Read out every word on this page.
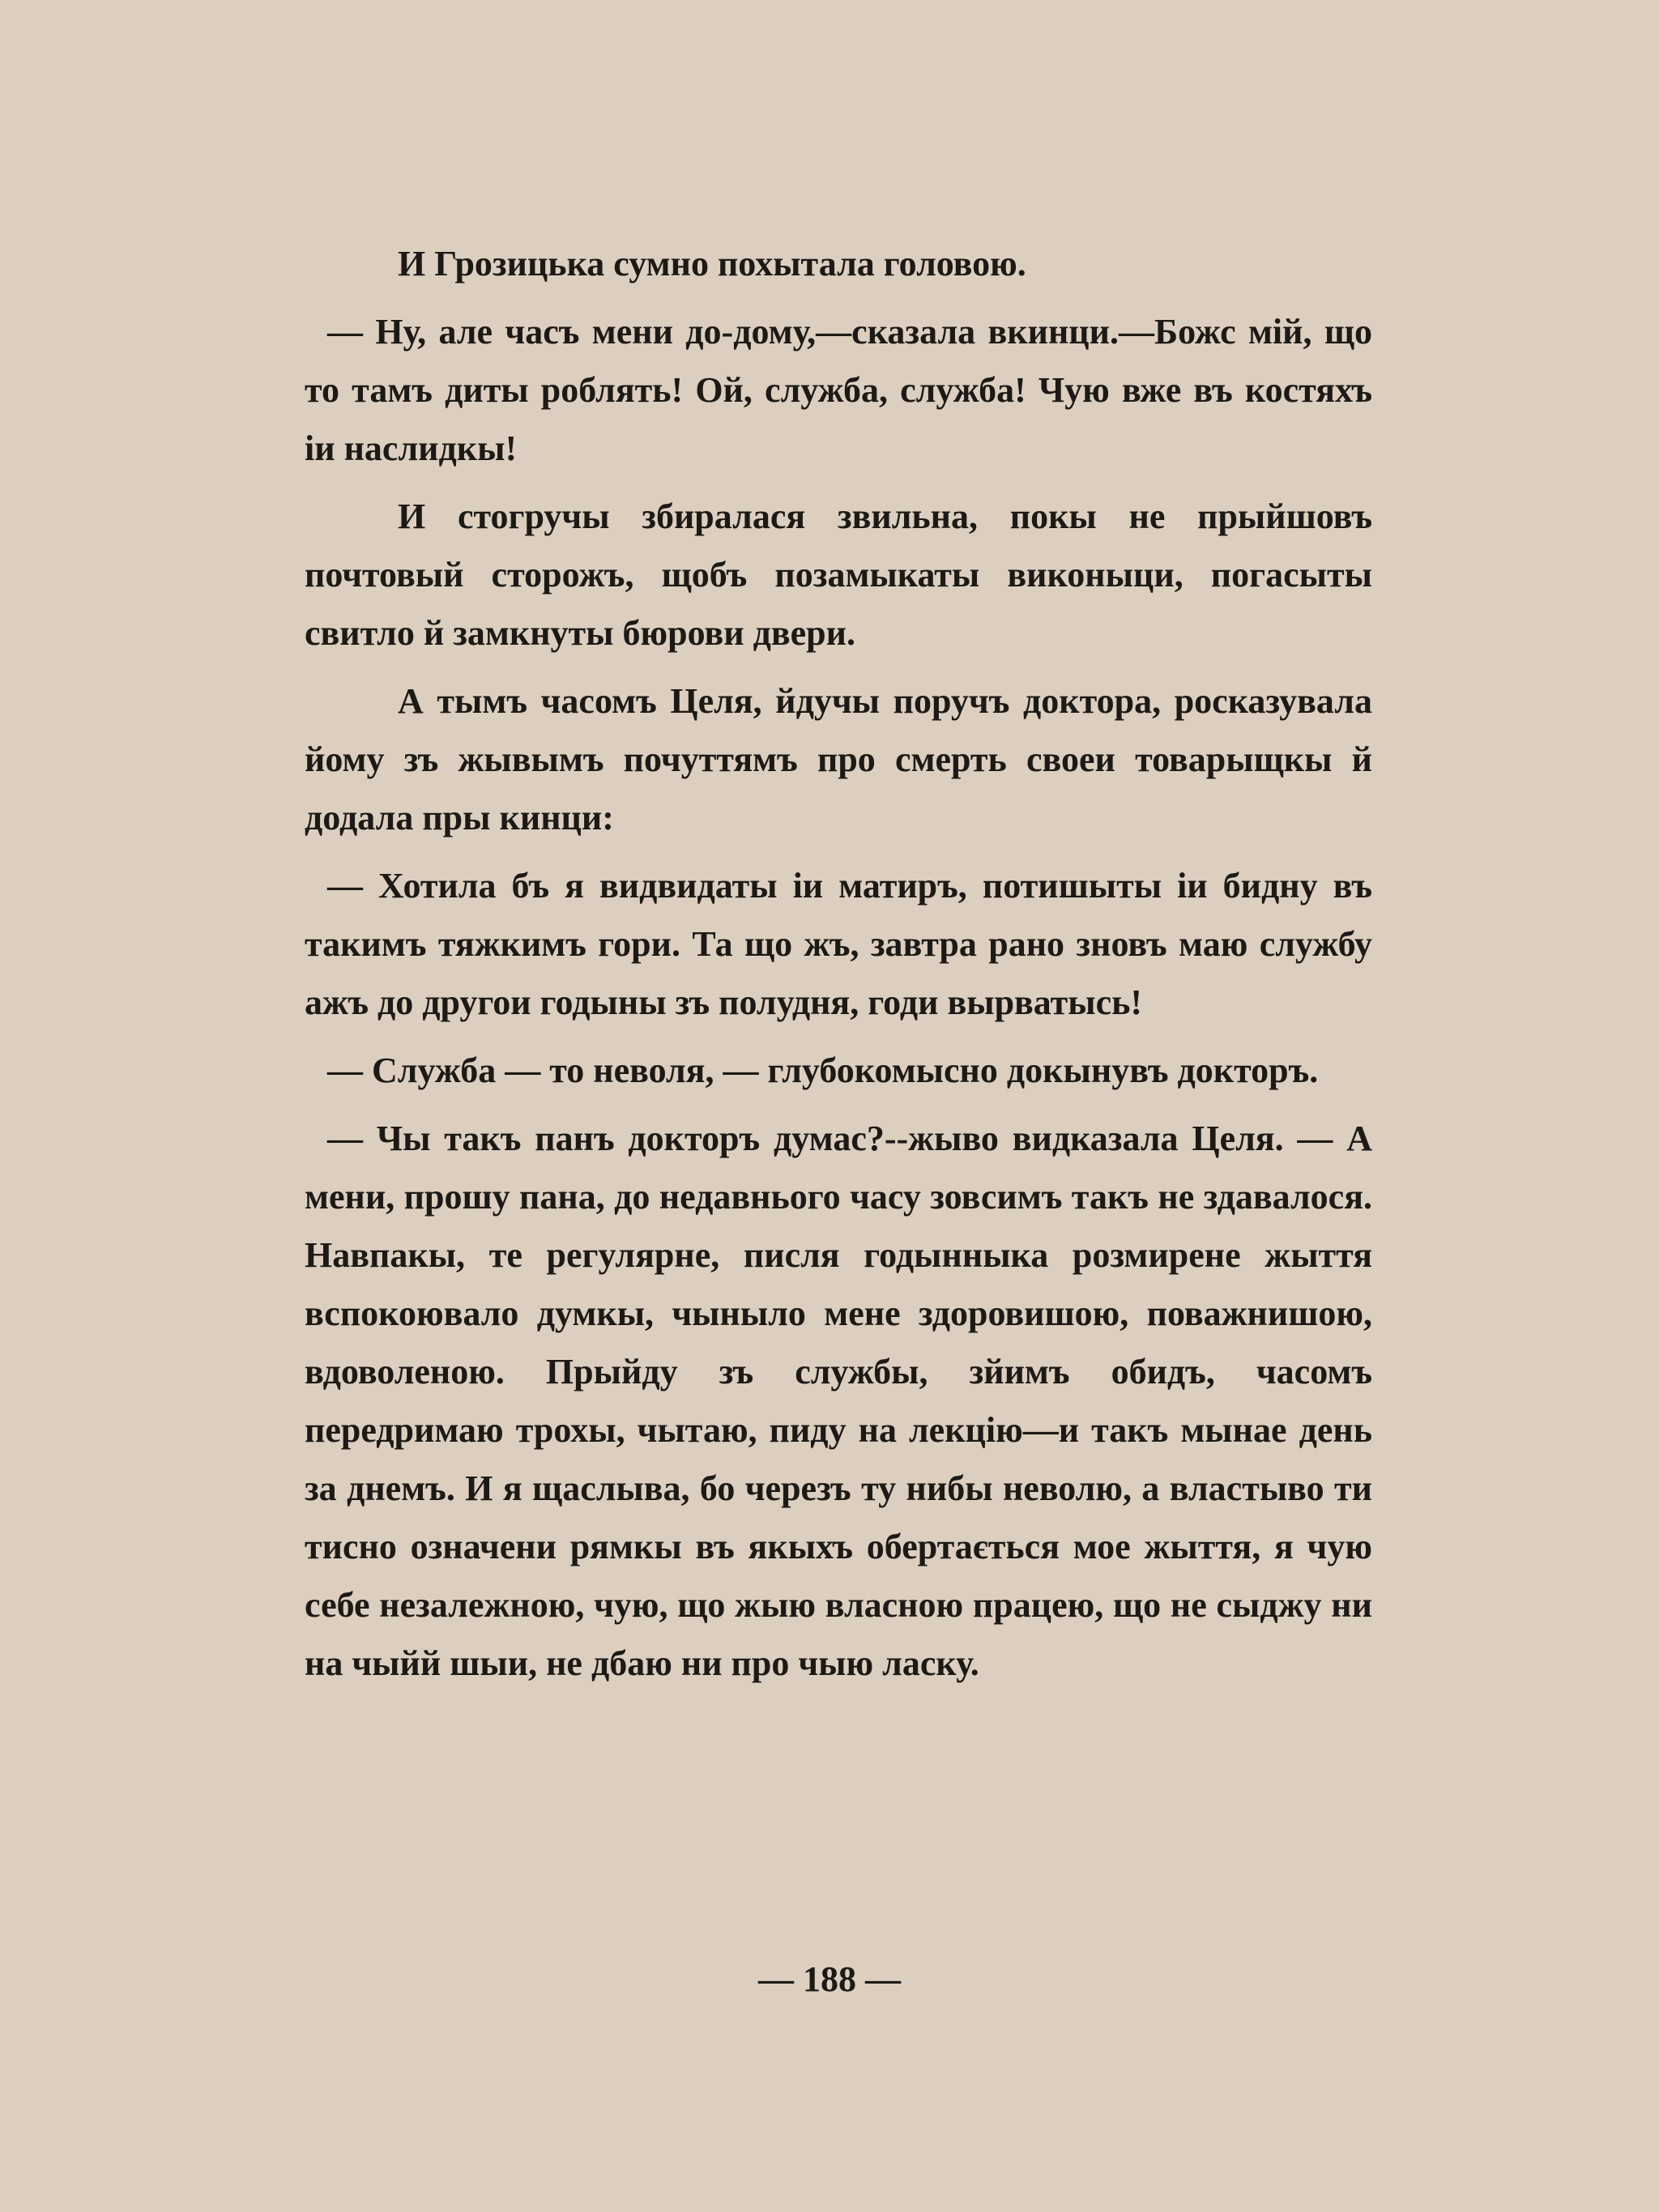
И Грозицька сумно похытала головою.

— Ну, але часъ мени до-дому,—сказала вкинци.—Божс мій, що то тамъ диты роблять! Ой, служба, служба! Чую вже въ костяхъ іи наслидкы!

И стогручы збиралася звильна, покы не прыйшовъ почтовый сторожъ, щобъ позамыкаты виконыци, погасыты свитло й замкнуты бюрови двери.

А тымъ часомъ Целя, йдучы поручъ доктора, росказувала йому зъ жывымъ почуттямъ про смерть своеи товарыщкы й додала пры кинци:

— Хотила бъ я видвидаты іи матиръ, потишыты іи бидну въ такимъ тяжкимъ гори. Та що жъ, завтра рано зновъ маю службу ажъ до другои годыны зъ полудня, годи вырватысь!

— Служба — то неволя, — глубокомысно докынувъ докторъ.

— Чы такъ панъ докторъ думас?--жыво видказала Целя. — А мени, прошу пана, до недавнього часу зовсимъ такъ не здавалося. Навпакы, те регулярне, писля годынныка розмирене жыття вспокоювало думкы, чыныло мене здоровишою, поважнишою, вдоволеною. Прыйду зъ службы, зйимъ обидъ, часомъ передримаю трохы, чытаю, пиду на лекцію—и такъ мынае день за днемъ. И я щаслыва, бо черезъ ту нибы неволю, а властыво ти тисно означени рямкы въ якыхъ обертається мое жыття, я чую себе незалежною, чую, що жыю власною працею, що не сыджу ни на чыйй шыи, не дбаю ни про чыю ласку.

— 188 —
